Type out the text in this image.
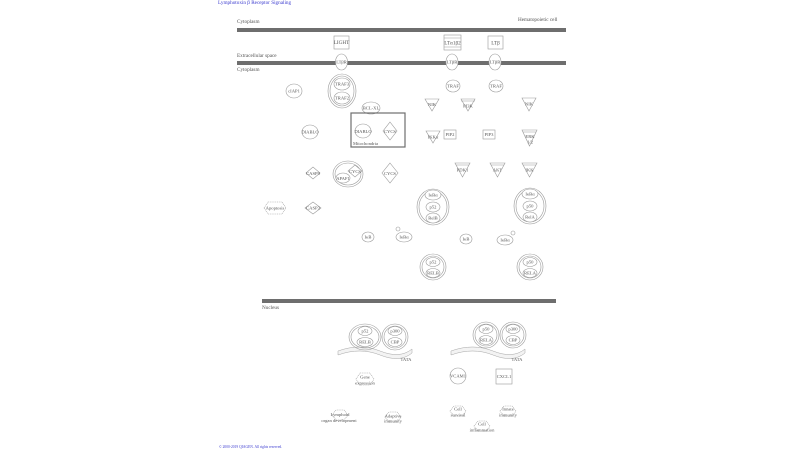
Lymphotoxin β Receptor Signaling
© 2000-2019 QIAGEN. All rights reserved.
Cytoplasm	Hematopoietic cell
Extracellular space
Cytoplasm
Nucleus
LIGHT	LTα1β2	LTβ
LTβR	LTβR	LTβR
TRAF3
TRAF2
TRAF	TRAF
cIAP1
BCL-XL
Mitochondria
DIABLO	CYCS
DIABLO
NIK	PI3K	NIK
IKKα PIP2	PIP3	ERK
1/2
CASP9	CYCS
APAF1
CYCS
PDK1	AKT	IKK
IκBα
p52
RelB
IκBα
p50
RelA
Apoptosis	CASP3
IκB	IκBα	IκB	IκBα
p52
RELB
p50
RELA
p52
RELB
p300
CBP
TATA
p50
RELA
p300
CBP
TATA
Gene
expression
VCAM1	CXCL1
Lymphoid
organ development
Adaptive
immunity
Cell
survival
Innate
immunity
Cell
inflammation
